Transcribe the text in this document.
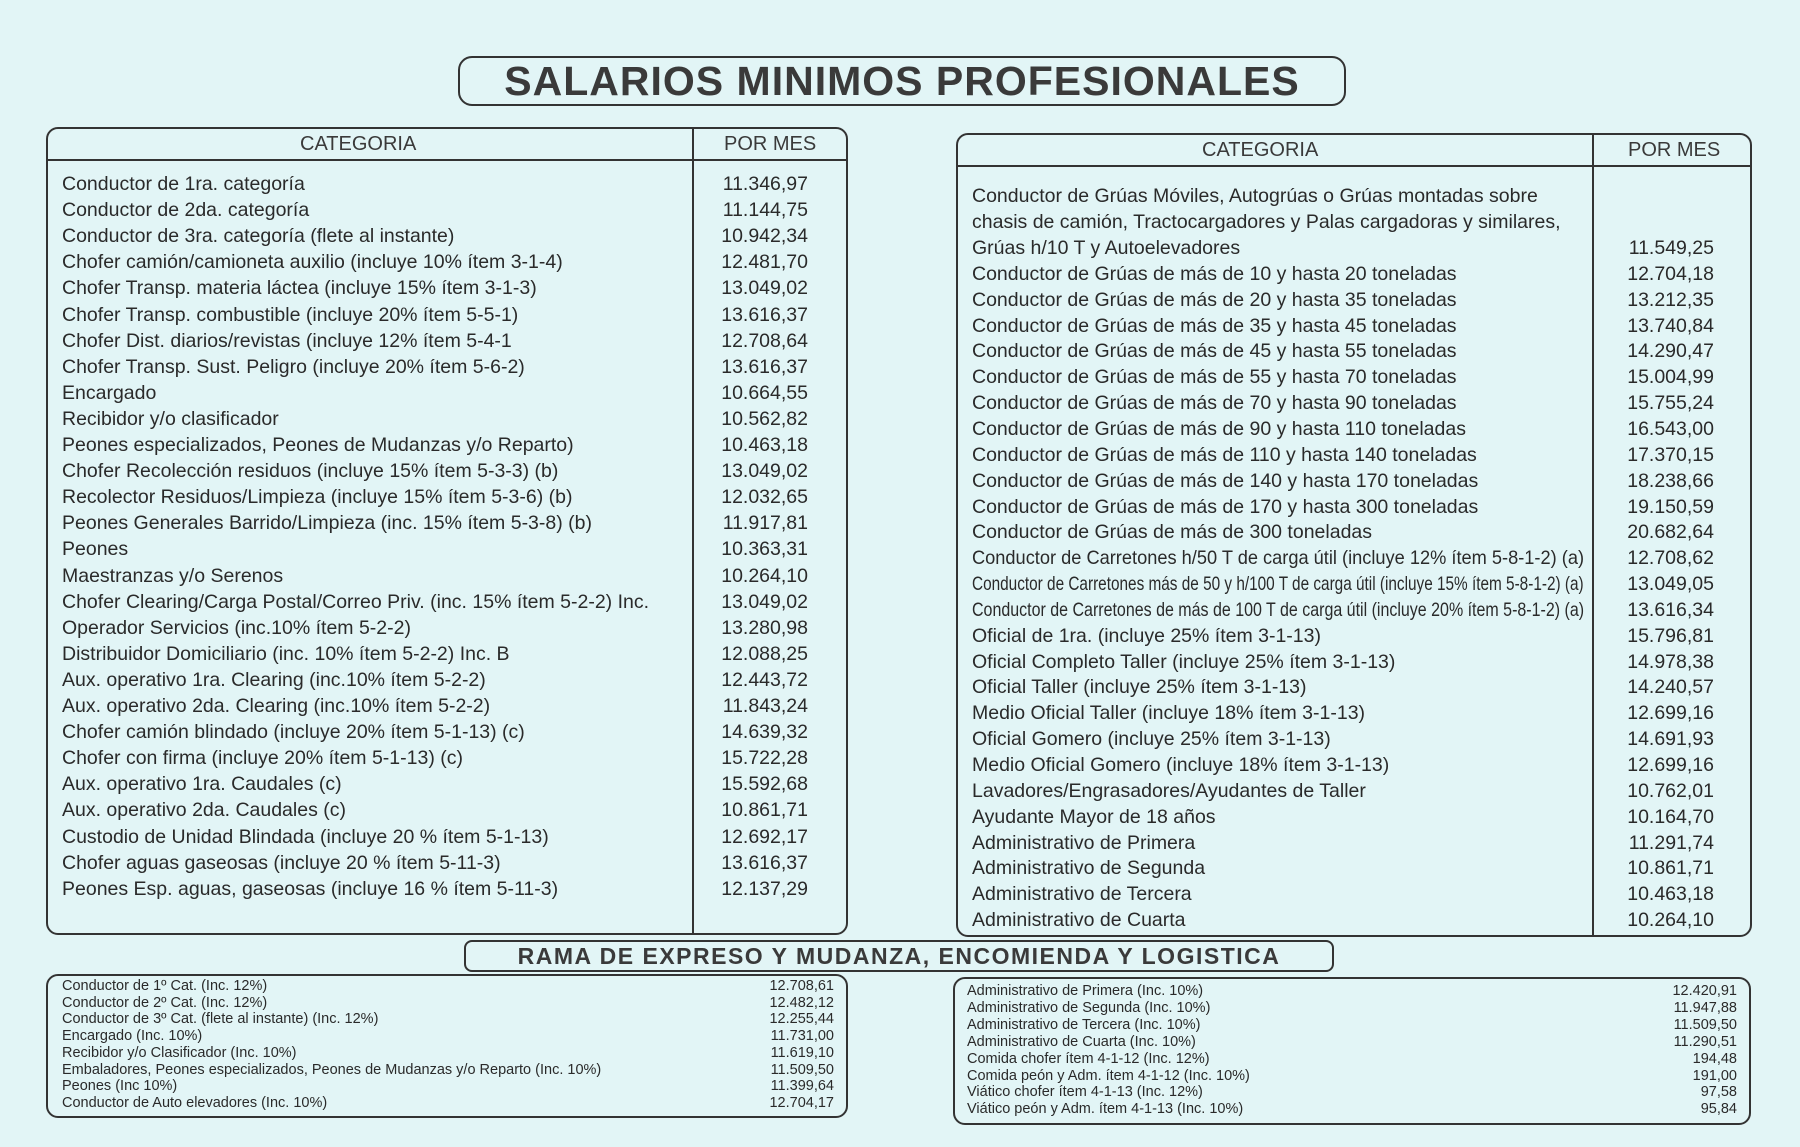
SALARIOS MINIMOS PROFESIONALES
CATEGORIA	POR MES
Conductor de 1ra. categoría	11.346,97
Conductor de 2da. categoría	11.144,75
Conductor de 3ra. categoría (flete al instante)	10.942,34
Chofer camión/camioneta auxilio (incluye 10% ítem 3-1-4)	12.481,70
Chofer Transp. materia láctea (incluye 15% ítem 3-1-3)	13.049,02
Chofer Transp. combustible (incluye 20% ítem 5-5-1)	13.616,37
Chofer Dist. diarios/revistas (incluye 12% ítem 5-4-1	12.708,64
Chofer Transp. Sust. Peligro (incluye 20% ítem 5-6-2)	13.616,37
Encargado	10.664,55
Recibidor y/o clasificador	10.562,82
Peones especializados, Peones de Mudanzas y/o Reparto)	10.463,18
Chofer Recolección residuos (incluye 15% ítem 5-3-3) (b)	13.049,02
Recolector Residuos/Limpieza (incluye 15% ítem 5-3-6) (b)	12.032,65
Peones Generales Barrido/Limpieza (inc. 15% ítem 5-3-8) (b)	11.917,81
Peones	10.363,31
Maestranzas y/o Serenos	10.264,10
Chofer Clearing/Carga Postal/Correo Priv. (inc. 15% ítem 5-2-2) Inc.	13.049,02
Operador Servicios (inc.10% ítem 5-2-2)	13.280,98
Distribuidor Domiciliario (inc. 10% ítem 5-2-2) Inc. B	12.088,25
Aux. operativo 1ra. Clearing (inc.10% ítem 5-2-2)	12.443,72
Aux. operativo 2da. Clearing (inc.10% ítem 5-2-2)	11.843,24
Chofer camión blindado (incluye 20% ítem 5-1-13) (c)	14.639,32
Chofer con firma (incluye 20% ítem 5-1-13) (c)	15.722,28
Aux. operativo 1ra. Caudales (c)	15.592,68
Aux. operativo 2da. Caudales (c)	10.861,71
Custodio de Unidad Blindada (incluye 20 % ítem 5-1-13)	12.692,17
Chofer aguas gaseosas (incluye 20 % ítem 5-11-3)	13.616,37
Peones Esp. aguas, gaseosas (incluye 16 % ítem 5-11-3)	12.137,29
CATEGORIA	POR MES
Conductor de Grúas Móviles, Autogrúas o Grúas montadas sobre
chasis de camión, Tractocargadores y Palas cargadoras y similares,
Grúas h/10 T y Autoelevadores	11.549,25
Conductor de Grúas de más de 10 y hasta 20 toneladas	12.704,18
Conductor de Grúas de más de 20 y hasta 35 toneladas	13.212,35
Conductor de Grúas de más de 35 y hasta 45 toneladas	13.740,84
Conductor de Grúas de más de 45 y hasta 55 toneladas	14.290,47
Conductor de Grúas de más de 55 y hasta 70 toneladas	15.004,99
Conductor de Grúas de más de 70 y hasta 90 toneladas	15.755,24
Conductor de Grúas de más de 90 y hasta 110 toneladas	16.543,00
Conductor de Grúas de más de 110 y hasta 140 toneladas	17.370,15
Conductor de Grúas de más de 140 y hasta 170 toneladas	18.238,66
Conductor de Grúas de más de 170 y hasta 300 toneladas	19.150,59
Conductor de Grúas de más de 300 toneladas	20.682,64
Conductor de Carretones h/50 T de carga útil (incluye 12% ítem 5-8-1-2) (a) 12.708,62
Conductor de Carretones más de 50 y h/100 T de carga útil (incluye 15% ítem 5-8-1-2) (a) 13.049,05
Conductor de Carretones de más de 100 T de carga útil (incluye 20% ítem 5-8-1-2) (a) 13.616,34
Oficial de 1ra. (incluye 25% ítem 3-1-13)	15.796,81
Oficial Completo Taller (incluye 25% ítem 3-1-13)	14.978,38
Oficial Taller (incluye 25% ítem 3-1-13)	14.240,57
Medio Oficial Taller (incluye 18% ítem 3-1-13)	12.699,16
Oficial Gomero (incluye 25% ítem 3-1-13)	14.691,93
Medio Oficial Gomero (incluye 18% ítem 3-1-13)	12.699,16
Lavadores/Engrasadores/Ayudantes de Taller	10.762,01
Ayudante Mayor de 18 años	10.164,70
Administrativo de Primera	11.291,74
Administrativo de Segunda	10.861,71
Administrativo de Tercera	10.463,18
Administrativo de Cuarta	10.264,10
RAMA DE EXPRESO Y MUDANZA, ENCOMIENDA Y LOGISTICA
Conductor de 1º Cat. (Inc. 12%)	12.708,61
Conductor de 2º Cat. (Inc. 12%)	12.482,12
Conductor de 3º Cat. (flete al instante) (Inc. 12%)	12.255,44
Encargado (Inc. 10%)	11.731,00
Recibidor y/o Clasificador (Inc. 10%)	11.619,10
Embaladores, Peones especializados, Peones de Mudanzas y/o Reparto (Inc. 10%)	11.509,50
Peones (Inc 10%)	11.399,64
Conductor de Auto elevadores (Inc. 10%)	12.704,17
Administrativo de Primera (Inc. 10%)	12.420,91
Administrativo de Segunda (Inc. 10%)	11.947,88
Administrativo de Tercera (Inc. 10%)	11.509,50
Administrativo de Cuarta (Inc. 10%)	11.290,51
Comida chofer ítem 4-1-12 (Inc. 12%)	194,48
Comida peón y Adm. ítem 4-1-12 (Inc. 10%)	191,00
Viático chofer ítem 4-1-13 (Inc. 12%)	97,58
Viático peón y Adm. ítem 4-1-13 (Inc. 10%)	95,84
